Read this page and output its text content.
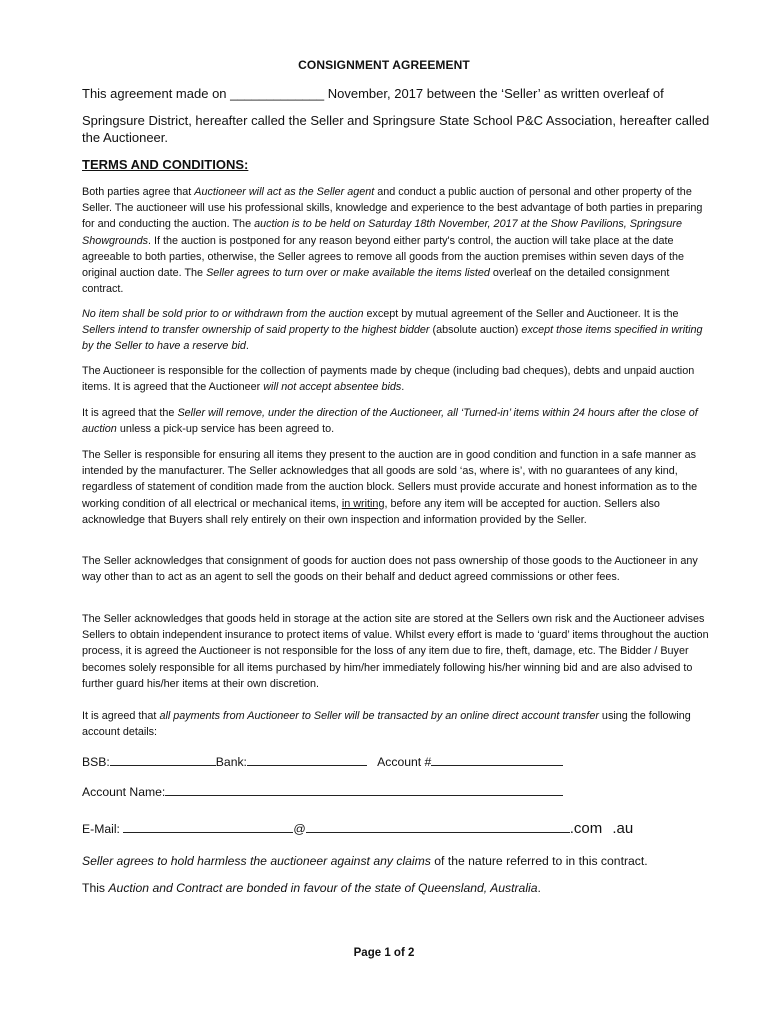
CONSIGNMENT AGREEMENT
This agreement made on _____________ November, 2017 between the ‘Seller’ as written overleaf of
Springsure District, hereafter called the Seller and Springsure State School P&C Association, hereafter called the Auctioneer.
TERMS AND CONDITIONS:
Both parties agree that Auctioneer will act as the Seller agent and conduct a public auction of personal and other property of the Seller. The auctioneer will use his professional skills, knowledge and experience to the best advantage of both parties in preparing for and conducting the auction. The auction is to be held on Saturday 18th November, 2017 at the Show Pavilions, Springsure Showgrounds. If the auction is postponed for any reason beyond either party's control, the auction will take place at the date agreeable to both parties, otherwise, the Seller agrees to remove all goods from the auction premises within seven days of the original auction date. The Seller agrees to turn over or make available the items listed overleaf on the detailed consignment contract.
No item shall be sold prior to or withdrawn from the auction except by mutual agreement of the Seller and Auctioneer. It is the Sellers intend to transfer ownership of said property to the highest bidder (absolute auction) except those items specified in writing by the Seller to have a reserve bid.
The Auctioneer is responsible for the collection of payments made by cheque (including bad cheques), debts and unpaid auction items. It is agreed that the Auctioneer will not accept absentee bids.
It is agreed that the Seller will remove, under the direction of the Auctioneer, all ‘Turned-in’ items within 24 hours after the close of auction unless a pick-up service has been agreed to.
The Seller is responsible for ensuring all items they present to the auction are in good condition and function in a safe manner as intended by the manufacturer. The Seller acknowledges that all goods are sold ‘as, where is’, with no guarantees of any kind, regardless of statement of condition made from the auction block. Sellers must provide accurate and honest information as to the working condition of all electrical or mechanical items, in writing, before any item will be accepted for auction. Sellers also acknowledge that Buyers shall rely entirely on their own inspection and information provided by the Seller.
The Seller acknowledges that consignment of goods for auction does not pass ownership of those goods to the Auctioneer in any way other than to act as an agent to sell the goods on their behalf and deduct agreed commissions or other fees.
The Seller acknowledges that goods held in storage at the action site are stored at the Sellers own risk and the Auctioneer advises Sellers to obtain independent insurance to protect items of value. Whilst every effort is made to ‘guard’ items throughout the auction process, it is agreed the Auctioneer is not responsible for the loss of any item due to fire, theft, damage, etc. The Bidder / Buyer becomes solely responsible for all items purchased by him/her immediately following his/her winning bid and are also advised to further guard his/her items at their own discretion.
It is agreed that all payments from Auctioneer to Seller will be transacted by an online direct account transfer using the following account details:
BSB:	Bank:	Account #
Account Name:
E-Mail:	@	.com .au
Seller agrees to hold harmless the auctioneer against any claims of the nature referred to in this contract.
This Auction and Contract are bonded in favour of the state of Queensland, Australia.
Page 1 of 2
